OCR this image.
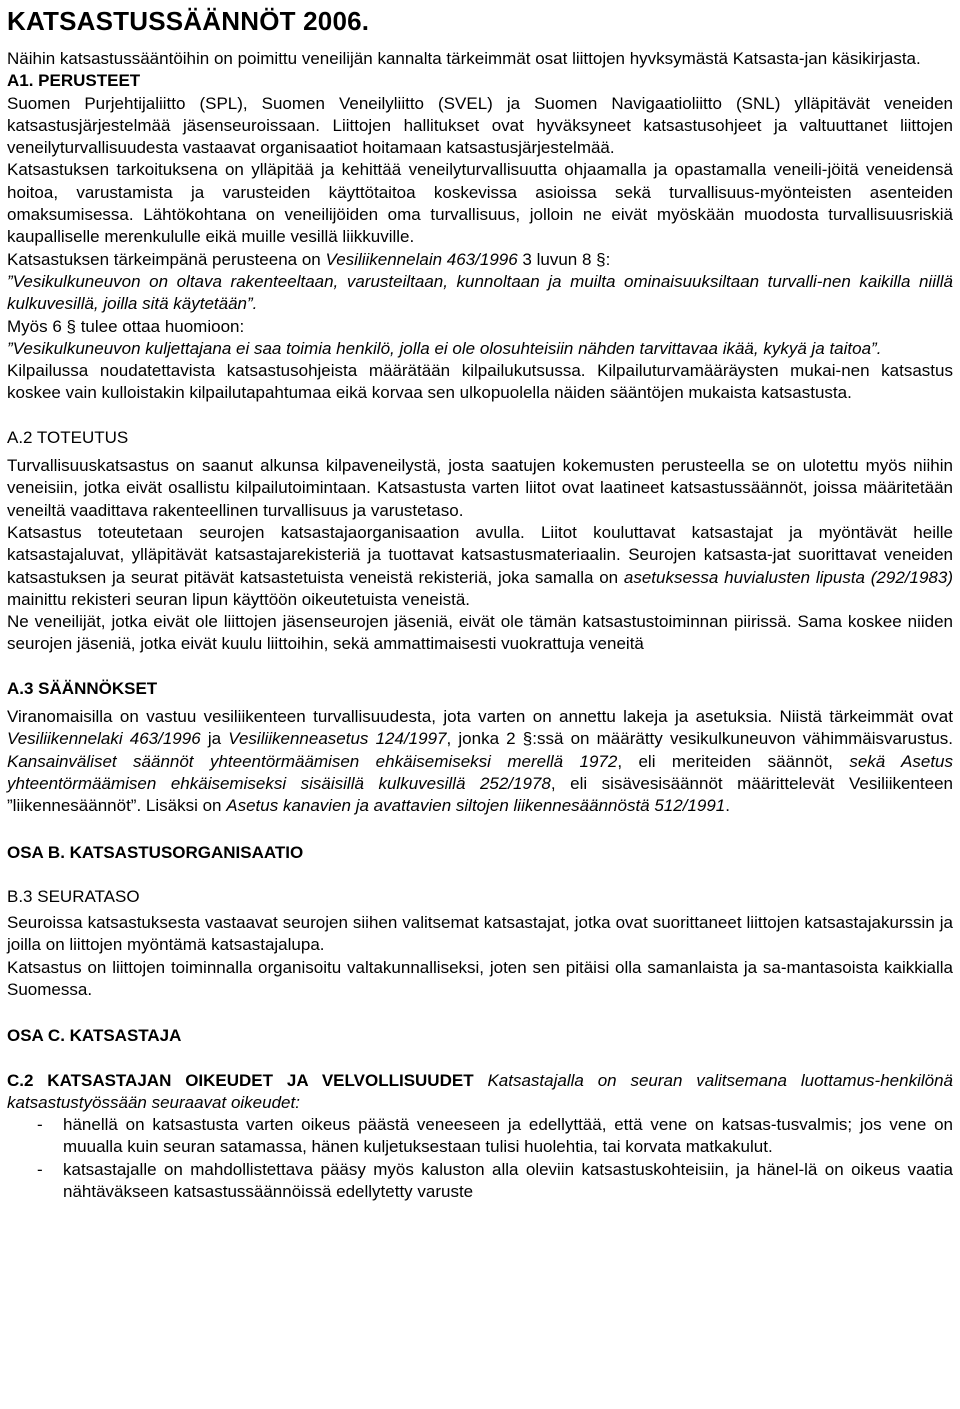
KATSASTUSSÄÄNNÖT 2006.

Näihin katsastussääntöihin on poimittu veneilijän kannalta tärkeimmät osat liittojen hyvksymästä Katsasta-jan käsikirjasta.

A1. PERUSTEET

Suomen Purjehtijaliitto (SPL), Suomen Veneilyliitto (SVEL) ja Suomen Navigaatioliitto (SNL) ylläpitävät veneiden katsastusjärjestelmää jäsenseuroissaan. Liittojen hallitukset ovat hyväksyneet katsastusohjeet ja valtuuttanet liittojen veneilyturvallisuudesta vastaavat organisaatiot hoitamaan katsastusjärjestelmää.

Katsastuksen tarkoituksena on ylläpitää ja kehittää veneilyturvallisuutta ohjaamalla ja opastamalla veneili-jöitä veneidensä hoitoa, varustamista ja varusteiden käyttötaitoa koskevissa asioissa sekä turvallisuus-myönteisten asenteiden omaksumisessa. Lähtökohtana on veneilijöiden oma turvallisuus, jolloin ne eivät myöskään muodosta turvallisuusriskiä kaupalliselle merenkululle eikä muille vesillä liikkuville.

Katsastuksen tärkeimpänä perusteena on Vesiliikennelain 463/1996 3 luvun 8 §:

”Vesikulkuneuvon on oltava rakenteeltaan, varusteiltaan, kunnoltaan ja muilta ominaisuuksiltaan turvalli-nen kaikilla niillä kulkuvesillä, joilla sitä käytetään”.

Myös 6 § tulee ottaa huomioon:

”Vesikulkuneuvon kuljettajana ei saa toimia henkilö, jolla ei ole olosuhteisiin nähden tarvittavaa ikää, kykyä ja taitoa”.

Kilpailussa noudatettavista katsastusohjeista määrätään kilpailukutsussa. Kilpailuturvamääräysten mukai-nen katsastus koskee vain kulloistakin kilpailutapahtumaa eikä korvaa sen ulkopuolella näiden sääntöjen mukaista katsastusta.

A.2 TOTEUTUS

Turvallisuuskatsastus on saanut alkunsa kilpaveneilystä, josta saatujen kokemusten perusteella se on ulotettu myös niihin veneisiin, jotka eivät osallistu kilpailutoimintaan. Katsastusta varten liitot ovat laatineet katsastussäännöt, joissa määritetään veneiltä vaadittava rakenteellinen turvallisuus ja varustetaso.

Katsastus toteutetaan seurojen katsastajaorganisaation avulla. Liitot kouluttavat katsastajat ja myöntävät heille katsastajaluvat, ylläpitävät katsastajarekisteriä ja tuottavat katsastusmateriaalin. Seurojen katsasta-jat suorittavat veneiden katsastuksen ja seurat pitävät katsastetuista veneistä rekisteriä, joka samalla on asetuksessa huvialusten lipusta (292/1983) mainittu rekisteri seuran lipun käyttöön oikeutetuista veneistä.

Ne veneilijät, jotka eivät ole liittojen jäsenseurojen jäseniä, eivät ole tämän katsastustoiminnan piirissä. Sama koskee niiden seurojen jäseniä, jotka eivät kuulu liittoihin, sekä ammattimaisesti vuokrattuja veneitä

A.3 SÄÄNNÖKSET

Viranomaisilla on vastuu vesiliikenteen turvallisuudesta, jota varten on annettu lakeja ja asetuksia. Niistä tärkeimmät ovat Vesiliikennelaki 463/1996 ja Vesiliikenneasetus 124/1997, jonka 2 §:ssä on määrätty vesikulkuneuvon vähimmäisvarustus. Kansainväliset säännöt yhteentörmäämisen ehkäisemiseksi merellä 1972, eli meriteiden säännöt, sekä Asetus yhteentörmäämisen ehkäisemiseksi sisäisillä kulkuvesillä 252/1978, eli sisävesisäännöt määrittelevät Vesiliikenteen ”liikennesäännöt”. Lisäksi on Asetus kanavien ja avattavien siltojen liikennesäännöstä 512/1991.

OSA B. KATSASTUSORGANISAATIO
B.3 SEURATASO

Seuroissa katsastuksesta vastaavat seurojen siihen valitsemat katsastajat, jotka ovat suorittaneet liittojen katsastajakurssin ja joilla on liittojen myöntämä katsastajalupa.

Katsastus on liittojen toiminnalla organisoitu valtakunnalliseksi, joten sen pitäisi olla samanlaista ja sa-mantasoista kaikkialla Suomessa.

OSA C. KATSASTAJA

C.2 KATSASTAJAN OIKEUDET JA VELVOLLISUUDET Katsastajalla on seuran valitsemana luottamus-henkilönä katsastustyössään seuraavat oikeudet:

- hänellä on katsastusta varten oikeus päästä veneeseen ja edellyttää, että vene on katsas-tusvalmis; jos vene on muualla kuin seuran satamassa, hänen kuljetuksestaan tulisi huolehtia, tai korvata matkakulut.
- katsastajalle on mahdollistettava pääsy myös kaluston alla oleviin katsastuskohteisiin, ja hänel-lä on oikeus vaatia nähtäväkseen katsastussäännöissä edellytetty varuste
